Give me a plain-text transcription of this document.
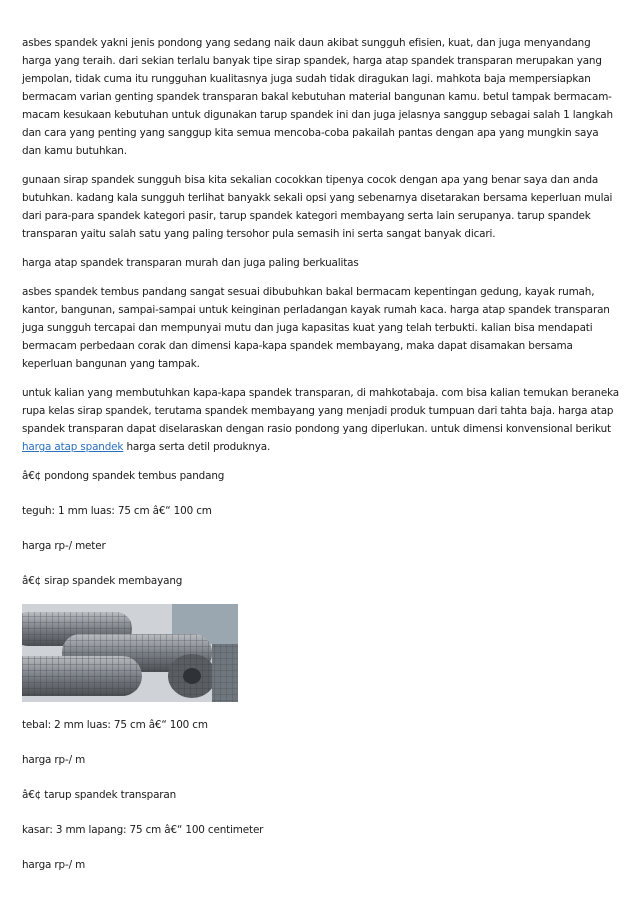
asbes spandek yakni jenis pondong yang sedang naik daun akibat sungguh efisien, kuat, dan juga menyandang harga yang teraih. dari sekian terlalu banyak tipe sirap spandek, harga atap spandek transparan merupakan yang jempolan, tidak cuma itu rungguhan kualitasnya juga sudah tidak diragukan lagi. mahkota baja mempersiapkan bermacam varian genting spandek transparan bakal kebutuhan material bangunan kamu. betul tampak bermacam-macam kesukaan kebutuhan untuk digunakan tarup spandek ini dan juga jelasnya sanggup sebagai salah 1 langkah dan cara yang penting yang sanggup kita semua mencoba-coba pakailah pantas dengan apa yang mungkin saya dan kamu butuhkan.

gunaan sirap spandek sungguh bisa kita sekalian cocokkan tipenya cocok dengan apa yang benar saya dan anda butuhkan. kadang kala sungguh terlihat banyakk sekali opsi yang sebenarnya disetarakan bersama keperluan mulai dari para-para spandek kategori pasir, tarup spandek kategori membayang serta lain serupanya. tarup spandek transparan yaitu salah satu yang paling tersohor pula semasih ini serta sangat banyak dicari.

harga atap spandek transparan murah dan juga paling berkualitas

asbes spandek tembus pandang sangat sesuai dibubuhkan bakal bermacam kepentingan gedung, kayak rumah, kantor, bangunan, sampai-sampai untuk keinginan perladangan kayak rumah kaca. harga atap spandek transparan juga sungguh tercapai dan mempunyai mutu dan juga kapasitas kuat yang telah terbukti. kalian bisa mendapati bermacam perbedaan corak dan dimensi kapa-kapa spandek membayang, maka dapat disamakan bersama keperluan bangunan yang tampak.

untuk kalian yang membutuhkan kapa-kapa spandek transparan, di mahkotabaja. com bisa kalian temukan beraneka rupa kelas sirap spandek, terutama spandek membayang yang menjadi produk tumpuan dari tahta baja. harga atap spandek transparan dapat diselaraskan dengan rasio pondong yang diperlukan. untuk dimensi konvensional berikut harga atap spandek harga serta detil produknya.

â€¢ pondong spandek tembus pandang

teguh: 1 mm luas: 75 cm â€“ 100 cm

harga rp-/ meter

â€¢ sirap spandek membayang

tebal: 2 mm luas: 75 cm â€“ 100 cm

harga rp-/ m

â€¢ tarup spandek transparan

kasar: 3 mm lapang: 75 cm â€“ 100 centimeter

harga rp-/ m
